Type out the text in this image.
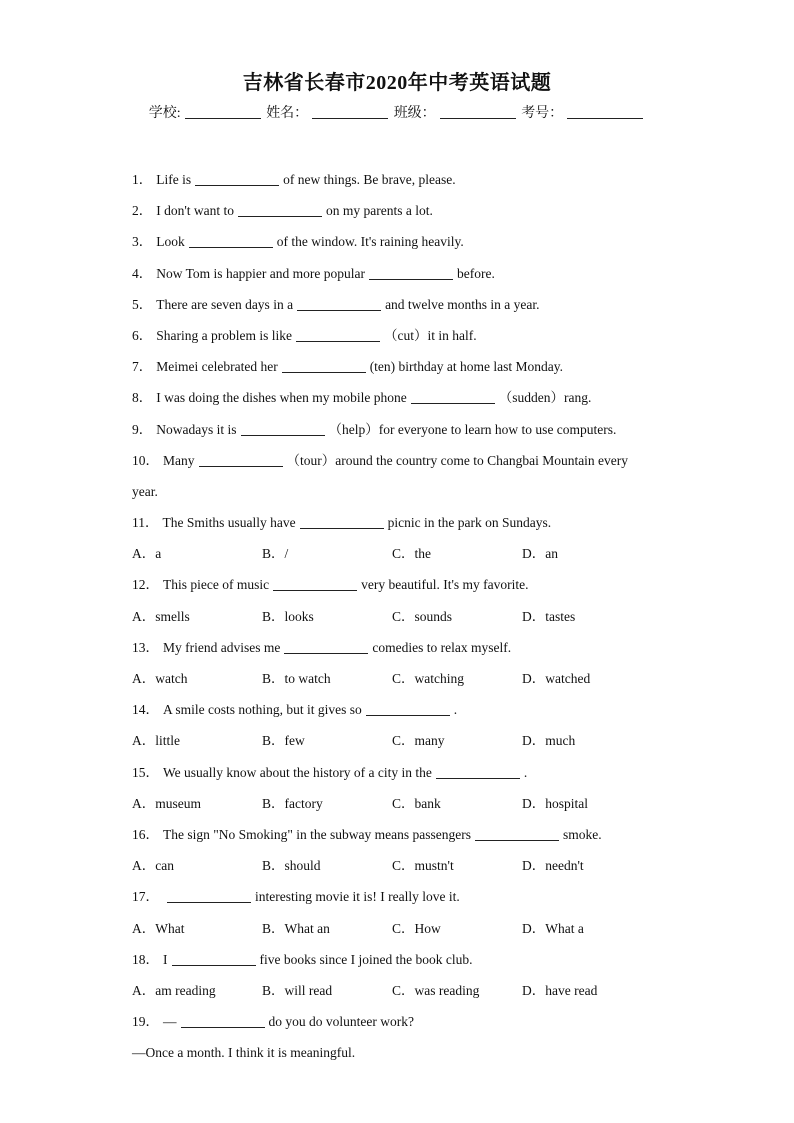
吉林省长春市2020年中考英语试题
学校:	姓名：	班级：	考号：
1． Life is	of new things. Be brave, please.
2． I don't want to	on my parents a lot.
3． Look	of the window. It's raining heavily.
4． Now Tom is happier and more popular	before.
5． There are seven days in a	and twelve months in a year.
6． Sharing a problem is like	（cut）it in half.
7． Meimei celebrated her	(ten) birthday at home last Monday.
8． I was doing the dishes when my mobile phone	（sudden）rang.
9． Nowadays it is	（help）for everyone to learn how to use computers.
10． Many	（tour）around the country come to Changbai Mountain every
year.
11． The Smiths usually have	picnic in the park on Sundays.
A．a	B．/	C．the	D．an
12． This piece of music	very beautiful. It's my favorite.
A．smells	B．looks	C．sounds	D．tastes
13． My friend advises me	comedies to relax myself.
A．watch	B．to watch	C．watching	D．watched
14． A smile costs nothing, but it gives so	.
A．little	B．few	C．many	D．much
15． We usually know about the history of a city in the	.
A．museum	B．factory	C．bank	D．hospital
16． The sign "No Smoking" in the subway means passengers	smoke.
A．can	B．should	C．mustn't	D．needn't
17．	interesting movie it is! I really love it.
A．What	B．What an	C．How	D．What a
18． I	five books since I joined the book club.
A．am reading	B．will read	C．was reading	D．have read
19． —	do you do volunteer work?
—Once a month. I think it is meaningful.
